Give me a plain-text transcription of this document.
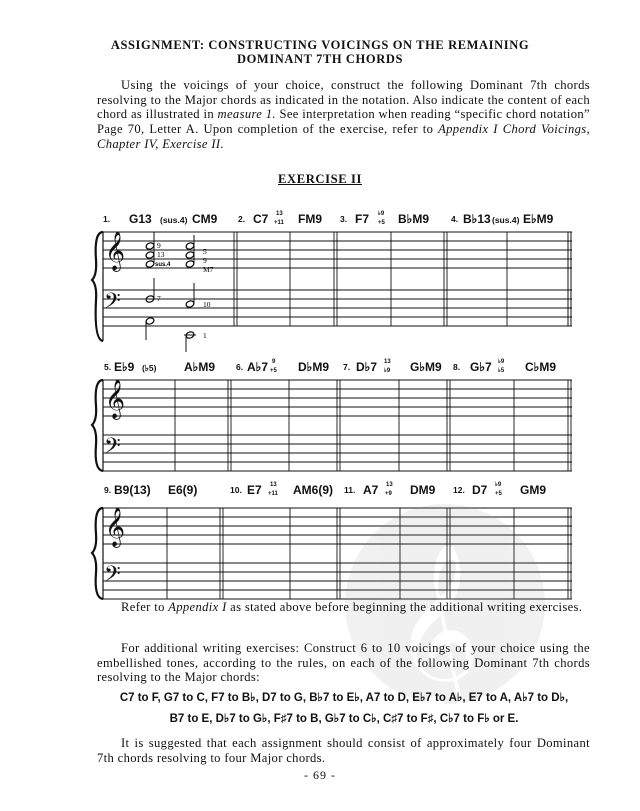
ASSIGNMENT: CONSTRUCTING VOICINGS ON THE REMAINING
DOMINANT 7TH CHORDS
Using the voicings of your choice, construct the following Dominant 7th chords resolving to the Major chords as indicated in the notation. Also indicate the content of each chord as illustrated in measure 1. See interpretation when reading “specific chord notation” Page 70, Letter A. Upon completion of the exercise, refer to Appendix I Chord Voicings, Chapter IV, Exercise II.
EXERCISE II
𝄞
𝄢
9
13
sus.4
5
9
M7
7
10
1
𝄞
𝄢
𝄞
𝄢 𝄞
1. G13 (sus.4) CM9 2. C7 13
+11 FM9 3. F7 ♭9
+5 B♭M9	4. B♭13 (sus.4) E♭M9
5. E♭9 (♭5) A♭M9 6. A♭7 9
+5 D♭M9 7. D♭7 13
♭9 G♭M9 8. G♭7 ♭9
♭5 C♭M9
9. B9(13) E6(9)	10. E7 13
+11 AM6(9) 11. A7 13
+9 DM9 12. D7 ♭9
+5 GM9
Refer to Appendix I as stated above before beginning the additional writing exercises.
For additional writing exercises: Construct 6 to 10 voicings of your choice using the embellished tones, according to the rules, on each of the following Dominant 7th chords resolving to the Major chords:
C7 to F, G7 to C, F7 to B♭, D7 to G, B♭7 to E♭, A7 to D, E♭7 to A♭, E7 to A, A♭7 to D♭,
B7 to E, D♭7 to G♭, F♯7 to B, G♭7 to C♭, C♯7 to F♯, C♭7 to F♭ or E.
It is suggested that each assignment should consist of approximately four Dominant 7th chords resolving to four Major chords.
- 69 -
